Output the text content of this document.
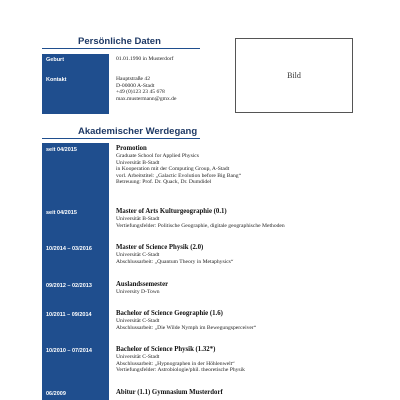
Persönliche Daten
Bild
Geburt	01.01.1990 in Musterdorf
Kontakt	Hauptstraße 42
D-00000 A-Stadt
+49 (0)123 23 45 678
max.mustermann@gmx.de
Akademischer Werdegang
seit 04/2015	Promotion
Graduate School for Applied Physics
Universität B-Stadt
in Kooperation mit der Computing Group, A-Stadt
vorl. Arbeitstitel: „Galactic Evolution before Big Bang“
Betreuung: Prof. Dr. Quack, Dr. Dumdidel
seit 04/2015	Master of Arts Kulturgeographie (0.1)
Universität B-Stadt
Vertiefungsfelder: Politische Geographie, digitale geographische Methoden
10/2014 – 03/2016	Master of Science Physik (2.0)
Universität C-Stadt
Abschlussarbeit: „Quantum Theory in Metaphysics“
09/2012 – 02/2013	Auslandssemester
University D-Town
10/2011 – 09/2014	Bachelor of Science Geographie (1.6)
Universität C-Stadt
Abschlussarbeit: „Die Wilde Nymph im Bewegungsperceiver“
10/2010 – 07/2014	Bachelor of Science Physik (1.32*)
Universität C-Stadt
Abschlussarbeit: „Hypnographen in der Höhlenwelt“
Vertiefungsfelder: Astrobiologie/phil. theoretische Physik
06/2009	Abitur (1.1) Gymnasium Musterdorf
